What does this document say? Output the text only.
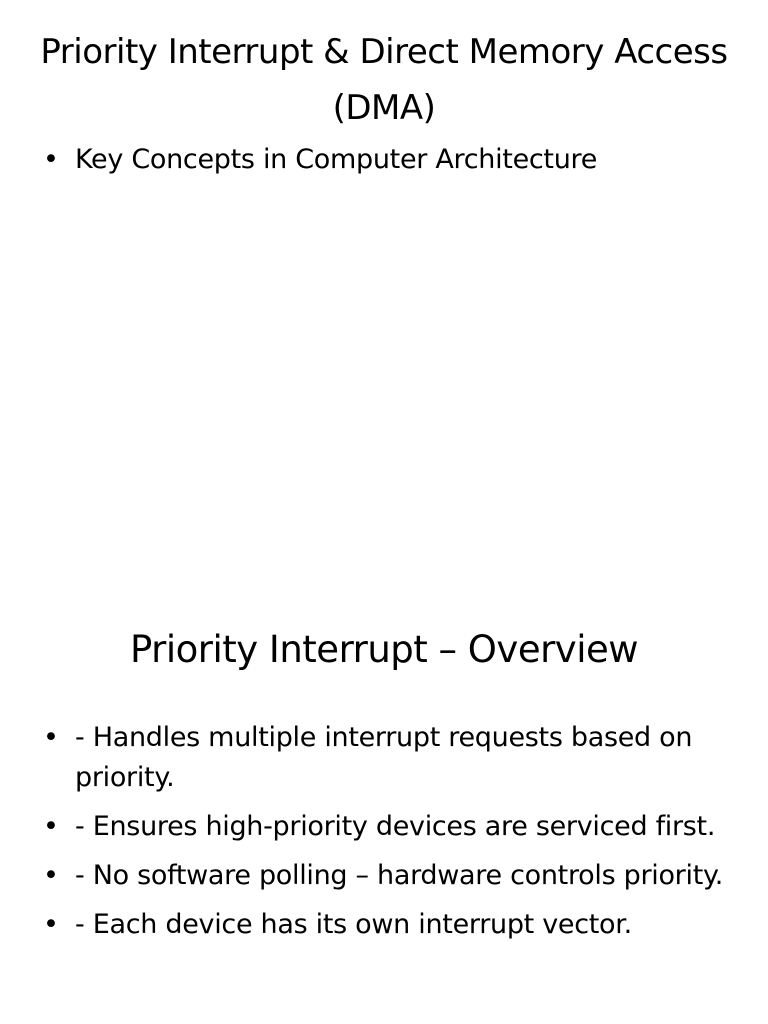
Priority Interrupt & Direct Memory Access (DMA)
• Key Concepts in Computer Architecture
Priority Interrupt – Overview
• - Handles multiple interrupt requests based on priority.
• - Ensures high-priority devices are serviced first.
• - No software polling – hardware controls priority.
• - Each device has its own interrupt vector.
